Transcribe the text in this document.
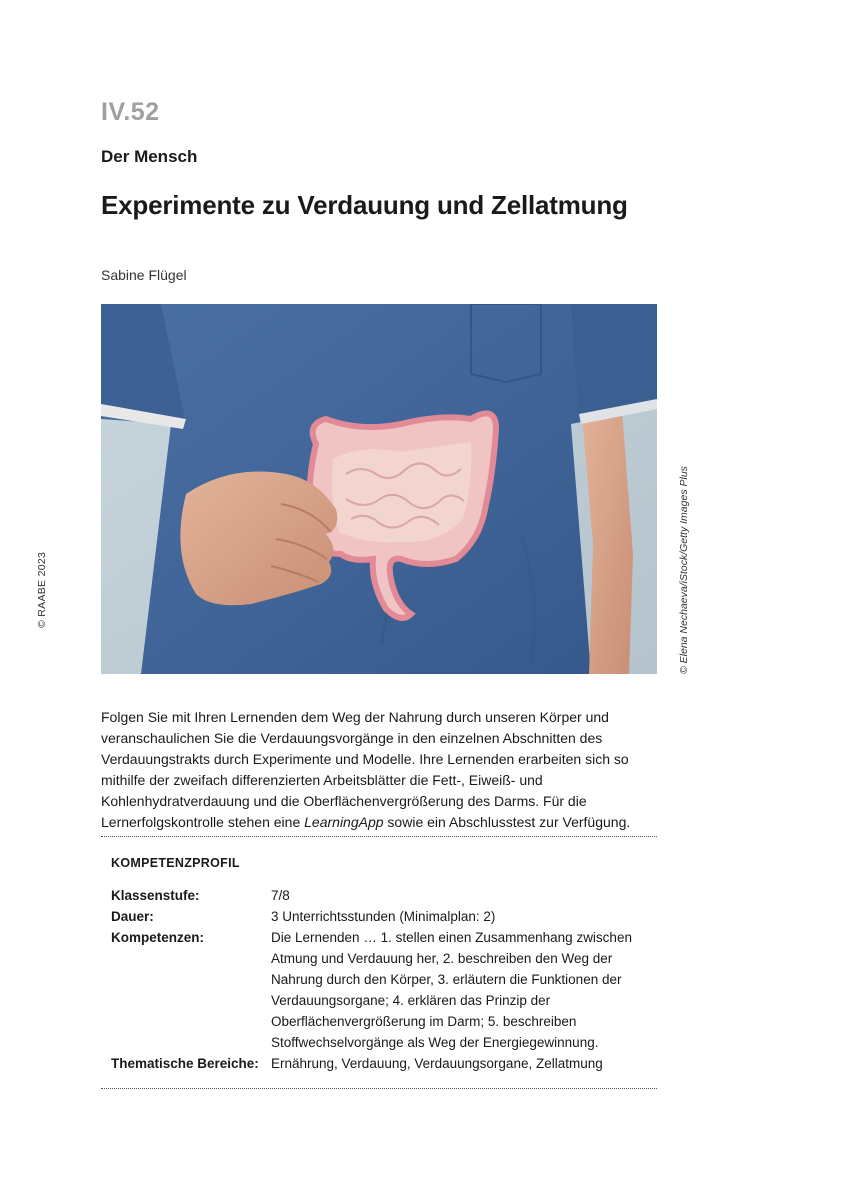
IV.52
Der Mensch
Experimente zu Verdauung und Zellatmung
Sabine Flügel
© Elena Nechaeva/iStock/Getty Images Plus
© RAABE 2023
Folgen Sie mit Ihren Lernenden dem Weg der Nahrung durch unseren Körper und veranschaulichen Sie die Verdauungsvorgänge in den einzelnen Abschnitten des Verdauungstrakts durch Experimente und Modelle. Ihre Lernenden erarbeiten sich so mithilfe der zweifach differenzierten Arbeitsblätter die Fett-, Eiweiß- und Kohlenhydratverdauung und die Oberflächenvergrößerung des Darms. Für die Lernerfolgskontrolle stehen eine LearningApp sowie ein Abschlusstest zur Verfügung.
KOMPETENZPROFIL
Klassenstufe:	7/8
Dauer:	3 Unterrichtsstunden (Minimalplan: 2)
Kompetenzen:	Die Lernenden … 1. stellen einen Zusammenhang zwischen Atmung und Verdauung her, 2. beschreiben den Weg der Nahrung durch den Körper, 3. erläutern die Funktionen der Verdauungsorgane; 4. erklären das Prinzip der Oberflächenvergrößerung im Darm; 5. beschreiben Stoffwechselvorgänge als Weg der Energiegewinnung.
Thematische Bereiche: Ernährung, Verdauung, Verdauungsorgane, Zellatmung
